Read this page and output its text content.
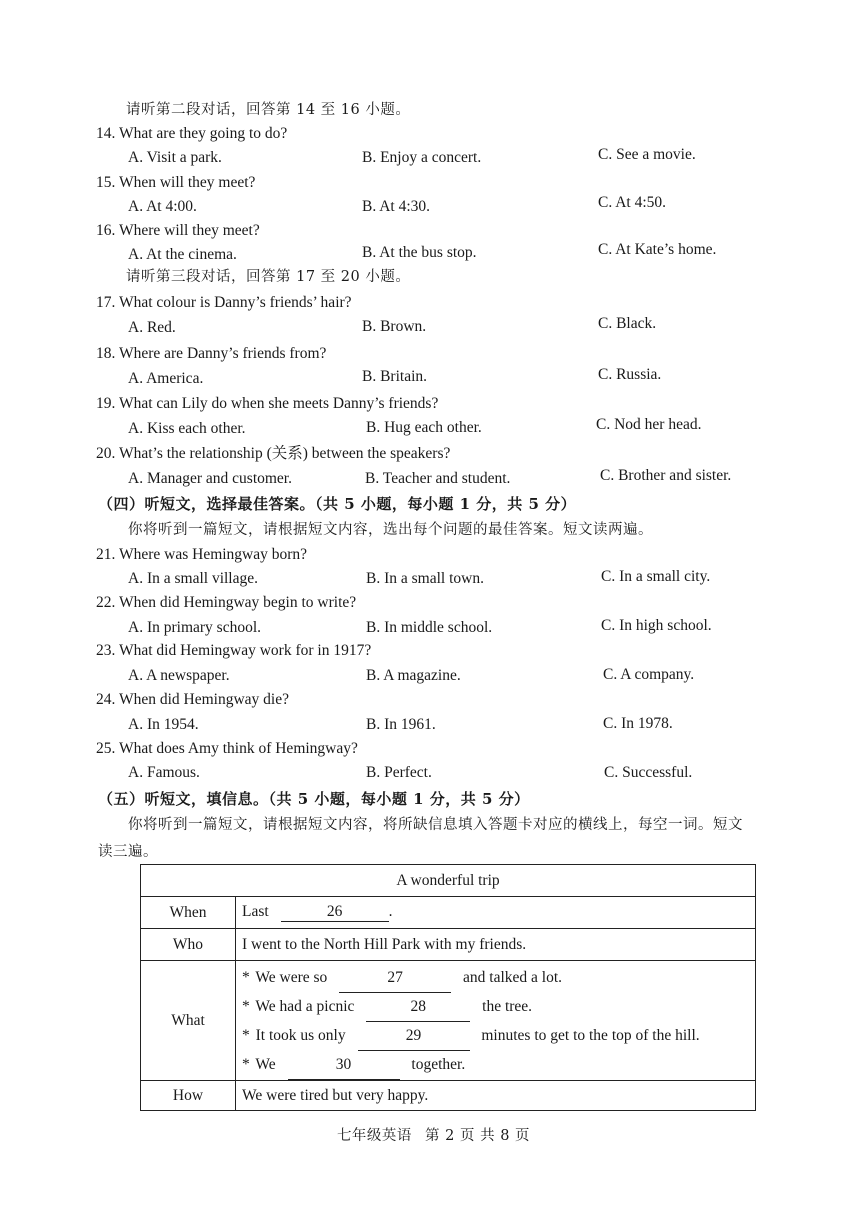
请听第二段对话，回答第 14 至 16 小题。
14. What are they going to do?
A. Visit a park.	B. Enjoy a concert.	C. See a movie.
15. When will they meet?
A. At 4:00.	B. At 4:30.	C. At 4:50.
16. Where will they meet?
A. At the cinema.	B. At the bus stop.	C. At Kate’s home.
请听第三段对话，回答第 17 至 20 小题。
17. What colour is Danny’s friends’ hair?
A. Red.	B. Brown.	C. Black.
18. Where are Danny’s friends from?
A. America.	B. Britain.	C. Russia.
19. What can Lily do when she meets Danny’s friends?
A. Kiss each other.	B. Hug each other.	C. Nod her head.
20. What’s the relationship (关系) between the speakers?
A. Manager and customer.	B. Teacher and student.	C. Brother and sister.
（四）听短文，选择最佳答案。（共 5 小题，每小题 1 分，共 5 分）
你将听到一篇短文，请根据短文内容，选出每个问题的最佳答案。短文读两遍。
21. Where was Hemingway born?
A. In a small village.	B. In a small town.	C. In a small city.
22. When did Hemingway begin to write?
A. In primary school.	B. In middle school.	C. In high school.
23. What did Hemingway work for in 1917?
A. A newspaper.	B. A magazine.	C. A company.
24. When did Hemingway die?
A. In 1954.	B. In 1961.	C. In 1978.
25. What does Amy think of Hemingway?
A. Famous.	B. Perfect.	C. Successful.
（五）听短文，填信息。（共 5 小题，每小题 1 分，共 5 分）
你将听到一篇短文，请根据短文内容，将所缺信息填入答题卡对应的横线上，每空一词。短文
读三遍。
A wonderful trip	
When	Last 26 .
Who	I went to the North Hill Park with my friends.
What	* We were so 27 and talked a lot.
* We had a picnic 28 the tree.
* It took us only 29 minutes to get to the top of the hill.
* We 30 together.

How	We were tired but very happy.
七年级英语 第 2 页 共 8 页
